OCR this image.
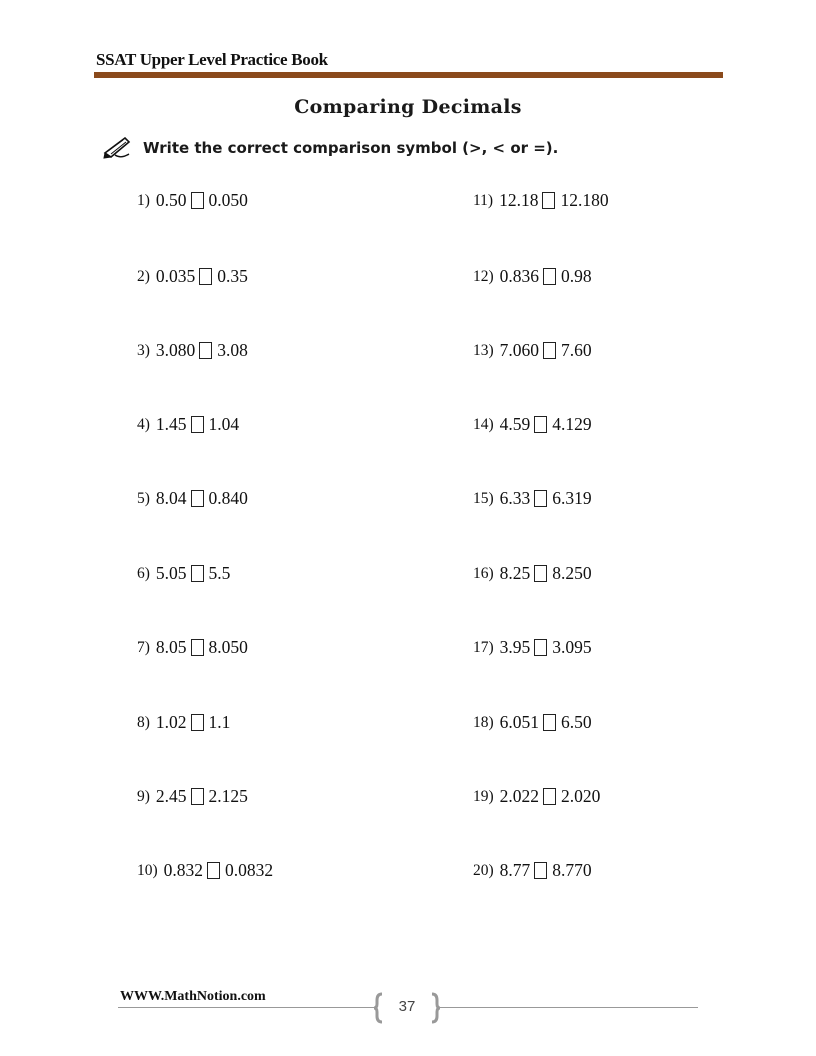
SSAT Upper Level Practice Book
Comparing Decimals
Write the correct comparison symbol (>, < or =).
1) 0.50 0.050
2) 0.035 0.35
3) 3.080 3.08
4) 1.45 1.04
5) 8.04 0.840
6) 5.05 5.5
7) 8.05 8.050
8) 1.02 1.1
9) 2.45 2.125
10) 0.832 0.0832
11) 12.18 12.180
12) 0.836 0.98
13) 7.060 7.60
14) 4.59 4.129
15) 6.33 6.319
16) 8.25 8.250
17) 3.95 3.095
18) 6.051 6.50
19) 2.022 2.020
20) 8.77 8.770
WWW.MathNotion.com
37
